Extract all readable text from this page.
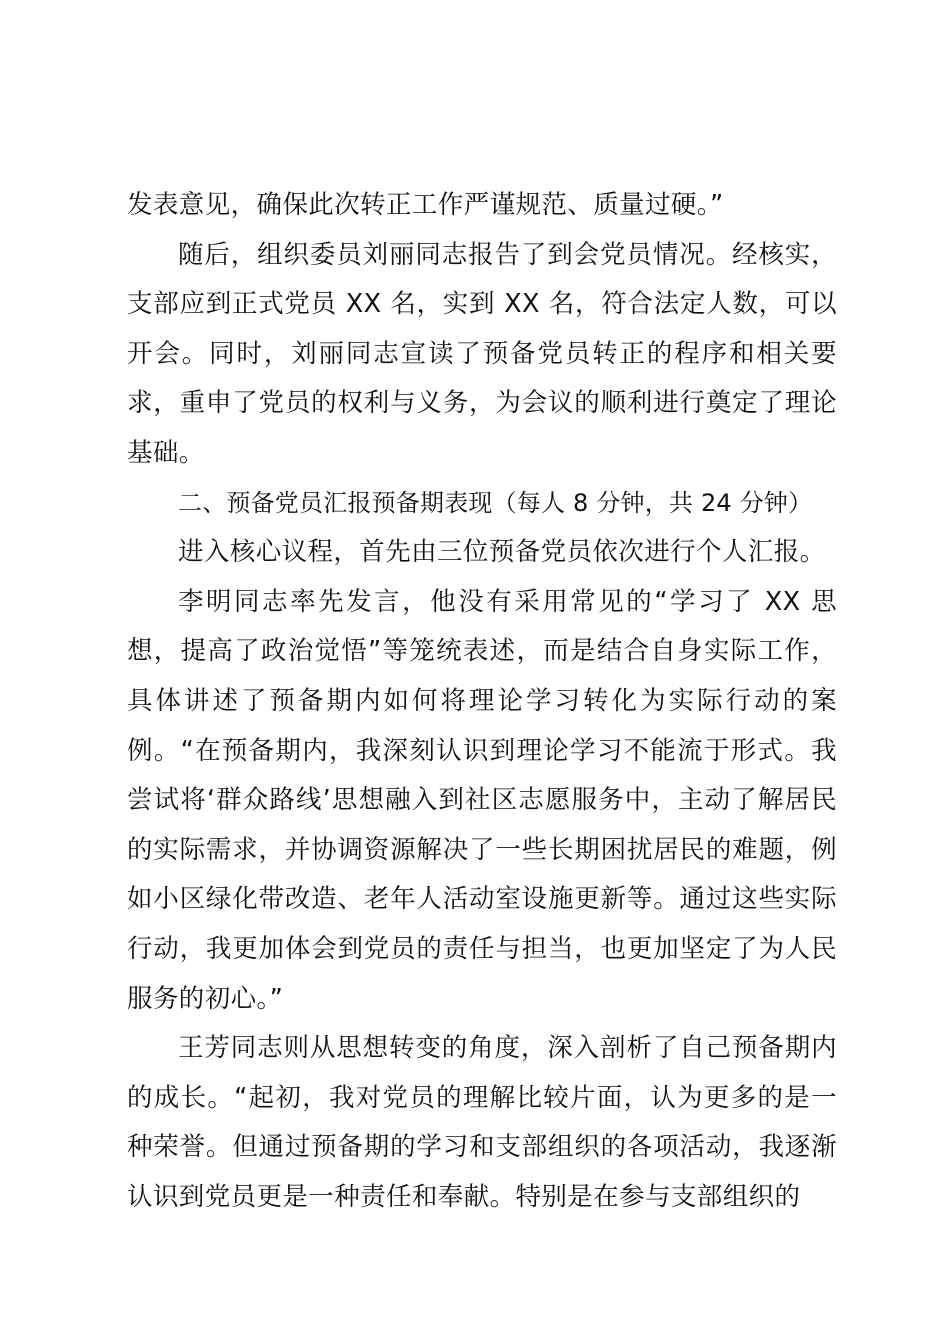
发表意见，确保此次转正工作严谨规范、质量过硬。”

随后，组织委员刘丽同志报告了到会党员情况。经核实，支部应到正式党员 XX 名，实到 XX 名，符合法定人数，可以开会。同时，刘丽同志宣读了预备党员转正的程序和相关要求，重申了党员的权利与义务，为会议的顺利进行奠定了理论基础。

二、预备党员汇报预备期表现（每人 8 分钟，共 24 分钟）

进入核心议程，首先由三位预备党员依次进行个人汇报。

李明同志率先发言，他没有采用常见的“学习了 XX 思想，提高了政治觉悟”等笼统表述，而是结合自身实际工作，具体讲述了预备期内如何将理论学习转化为实际行动的案例。“在预备期内，我深刻认识到理论学习不能流于形式。我尝试将‘群众路线’思想融入到社区志愿服务中，主动了解居民的实际需求，并协调资源解决了一些长期困扰居民的难题，例如小区绿化带改造、老年人活动室设施更新等。通过这些实际行动，我更加体会到党员的责任与担当，也更加坚定了为人民服务的初心。”

王芳同志则从思想转变的角度，深入剖析了自己预备期内的成长。“起初，我对党员的理解比较片面，认为更多的是一种荣誉。但通过预备期的学习和支部组织的各项活动，我逐渐认识到党员更是一种责任和奉献。特别是在参与支部组织的
